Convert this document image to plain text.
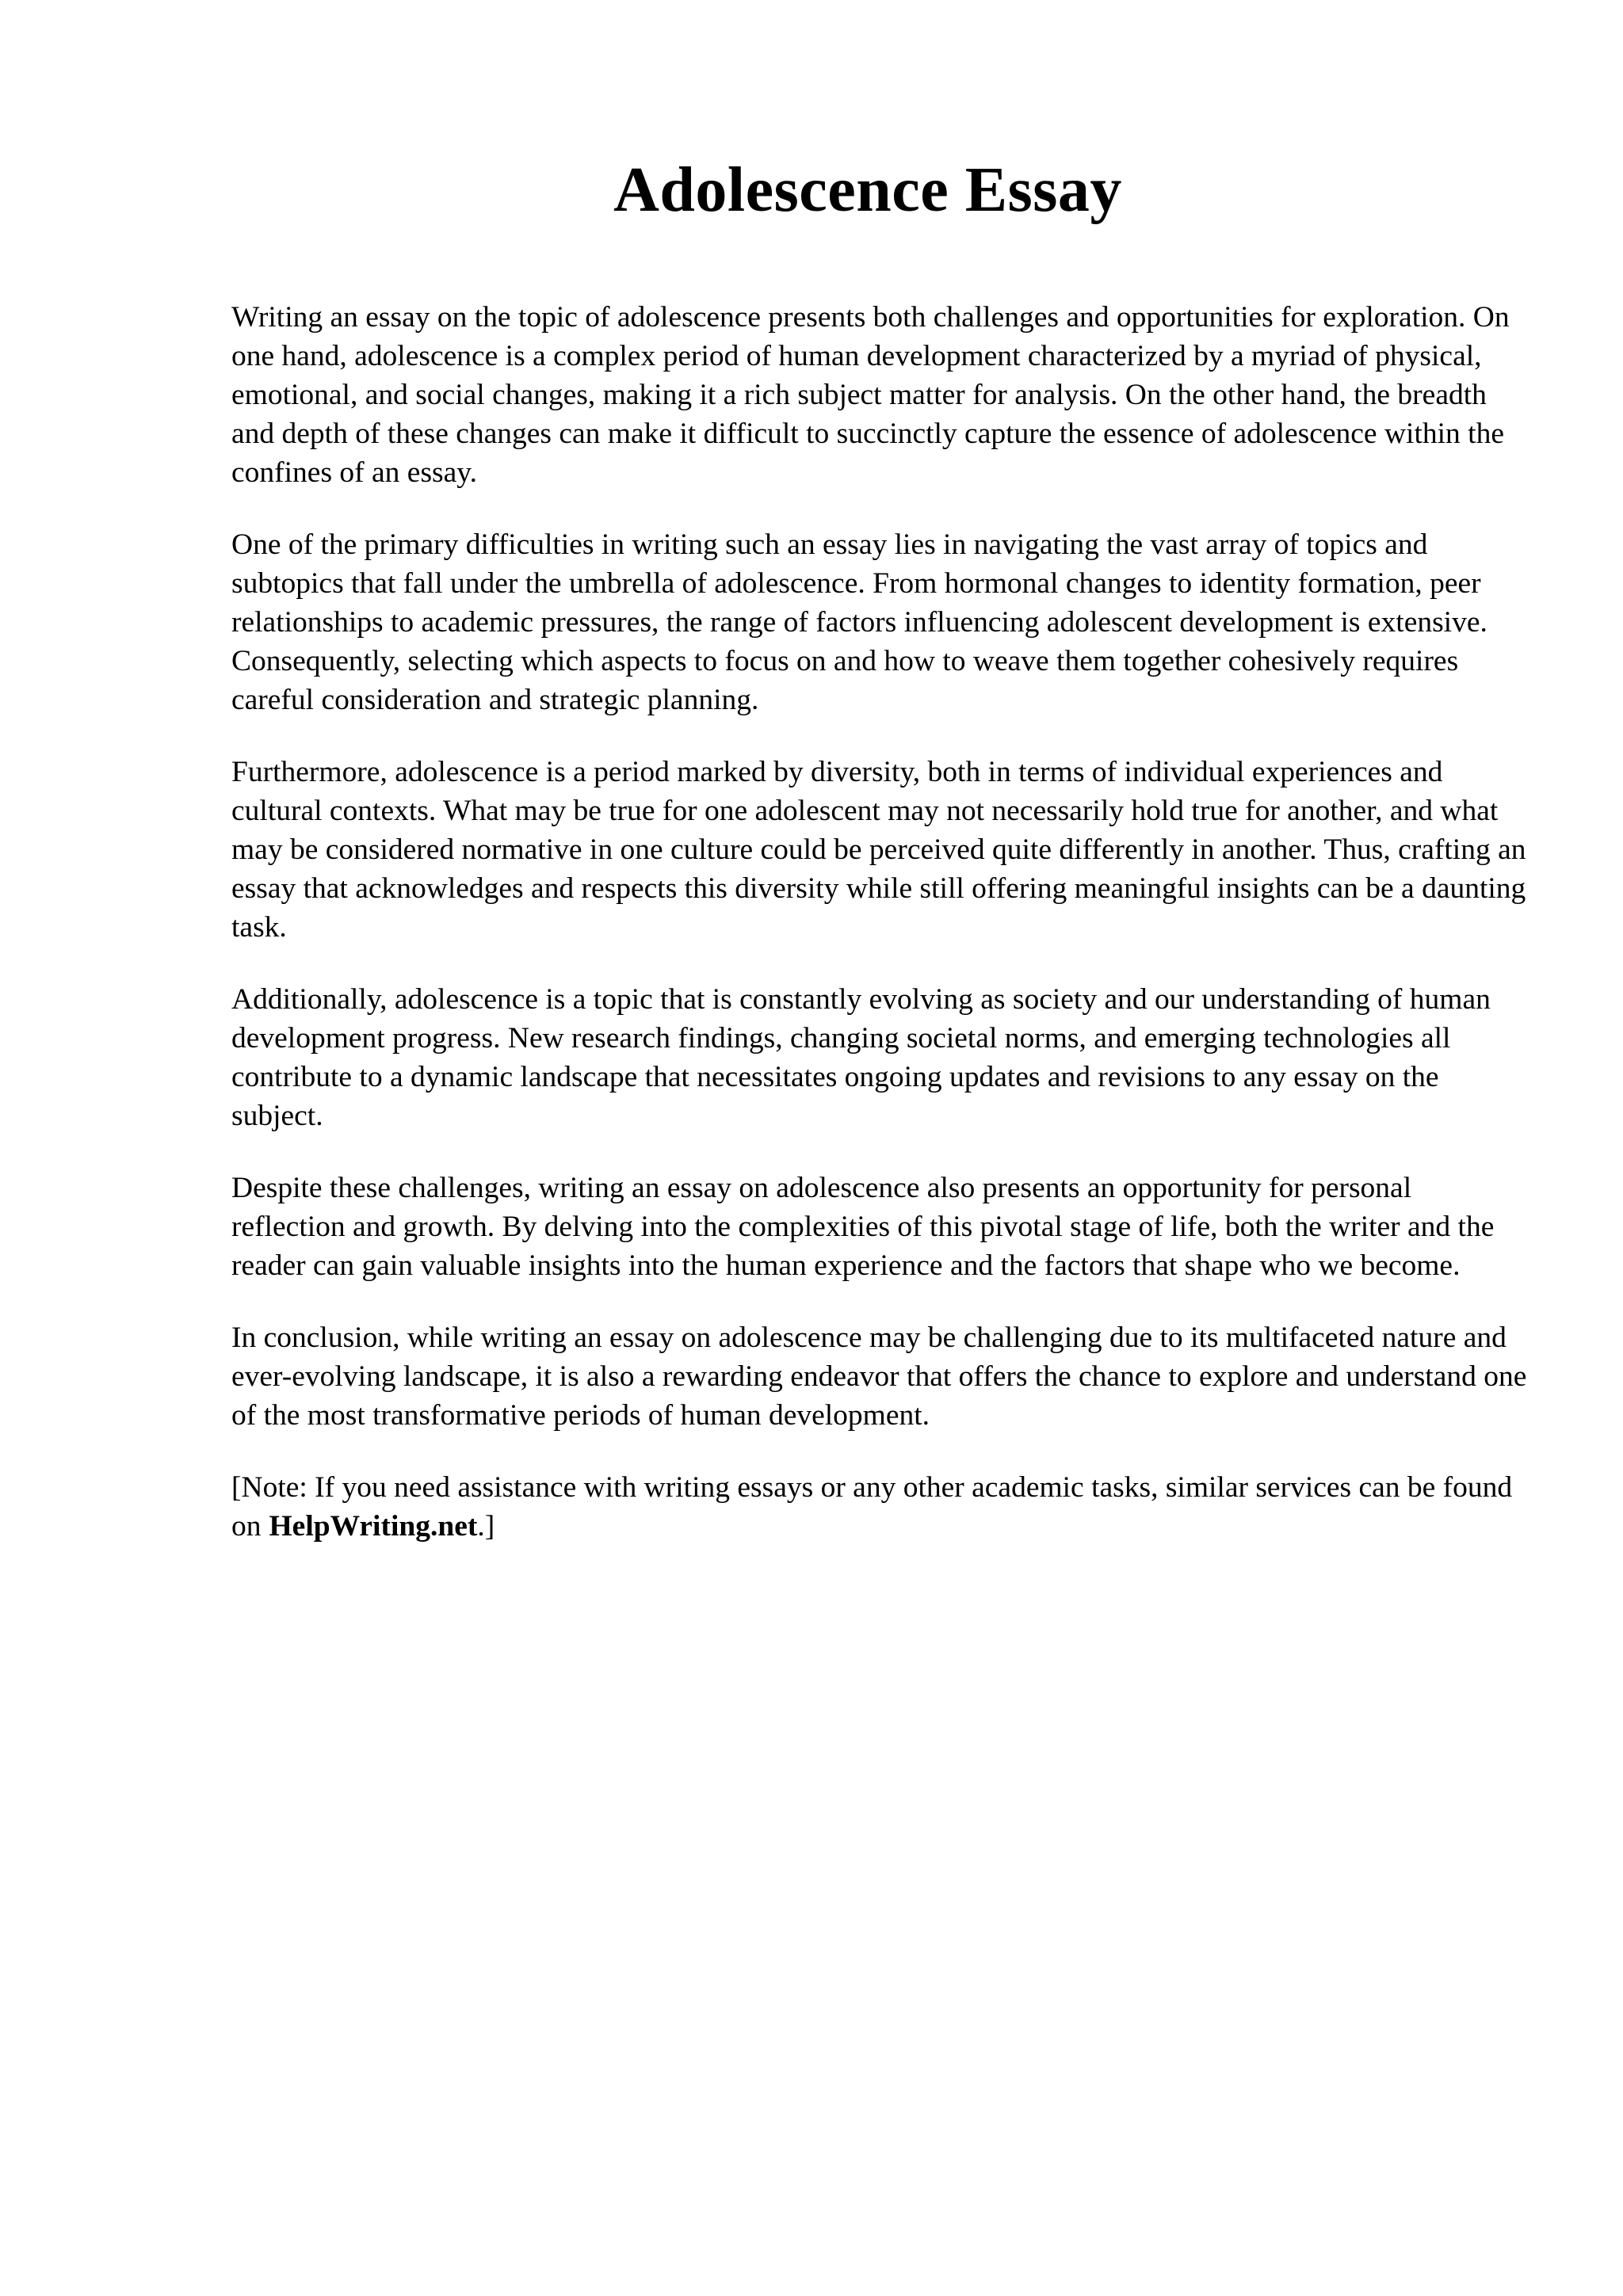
Adolescence Essay

Writing an essay on the topic of adolescence presents both challenges and opportunities for exploration. On one hand, adolescence is a complex period of human development characterized by a myriad of physical, emotional, and social changes, making it a rich subject matter for analysis. On the other hand, the breadth and depth of these changes can make it difficult to succinctly capture the essence of adolescence within the confines of an essay.

One of the primary difficulties in writing such an essay lies in navigating the vast array of topics and subtopics that fall under the umbrella of adolescence. From hormonal changes to identity formation, peer relationships to academic pressures, the range of factors influencing adolescent development is extensive. Consequently, selecting which aspects to focus on and how to weave them together cohesively requires careful consideration and strategic planning.

Furthermore, adolescence is a period marked by diversity, both in terms of individual experiences and cultural contexts. What may be true for one adolescent may not necessarily hold true for another, and what may be considered normative in one culture could be perceived quite differently in another. Thus, crafting an essay that acknowledges and respects this diversity while still offering meaningful insights can be a daunting task.

Additionally, adolescence is a topic that is constantly evolving as society and our understanding of human development progress. New research findings, changing societal norms, and emerging technologies all contribute to a dynamic landscape that necessitates ongoing updates and revisions to any essay on the subject.

Despite these challenges, writing an essay on adolescence also presents an opportunity for personal reflection and growth. By delving into the complexities of this pivotal stage of life, both the writer and the reader can gain valuable insights into the human experience and the factors that shape who we become.

In conclusion, while writing an essay on adolescence may be challenging due to its multifaceted nature and ever-evolving landscape, it is also a rewarding endeavor that offers the chance to explore and understand one of the most transformative periods of human development.

[Note: If you need assistance with writing essays or any other academic tasks, similar services can be found on HelpWriting.net.]
